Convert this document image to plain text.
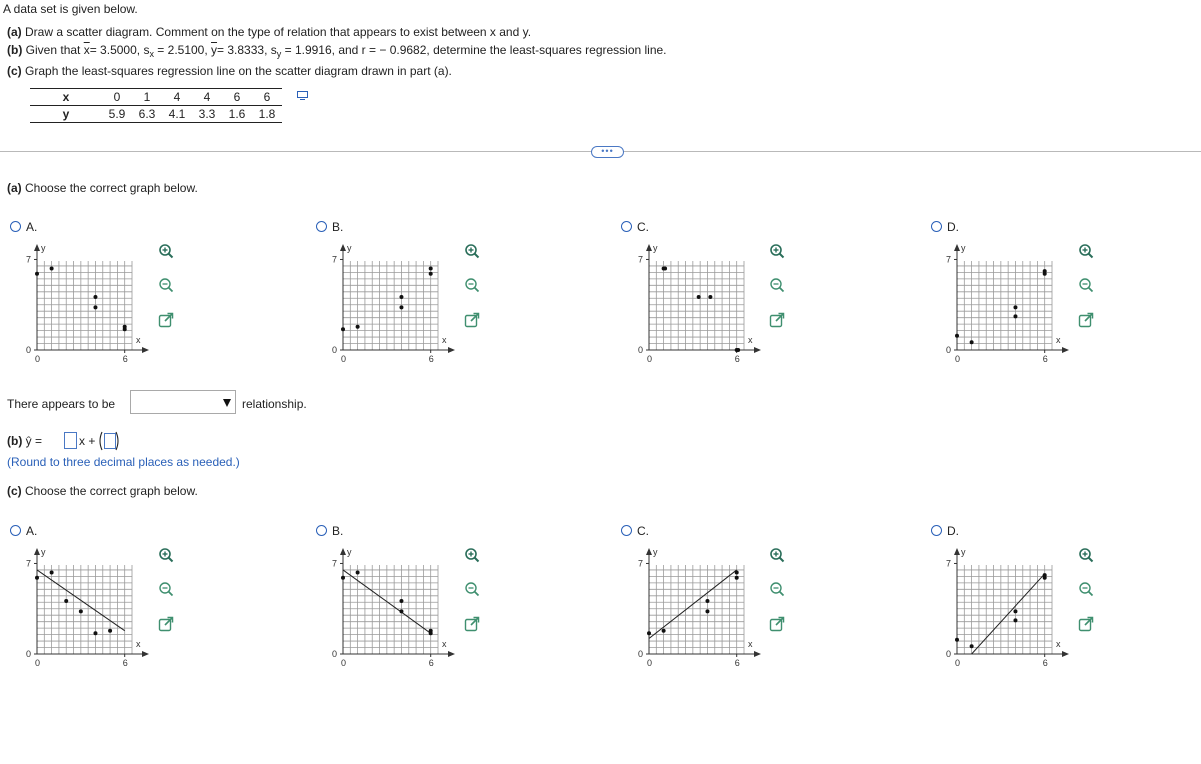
A data set is given below.
(a) Draw a scatter diagram. Comment on the type of relation that appears to exist between x and y.
(b) Given that $\overline{x}= 3.5000$, $s_x = 2.5100$, $\overline{y}= 3.8333$, $s_y = 1.9916$, and r = − 0.9682, determine the least-squares regression line.
(c) Graph the least-squares regression line on the scatter diagram drawn in part (a).
x	0	1	4	4	6	6
y	5.9	6.3	4.1	3.3	1.6	1.8
•••
(a) Choose the correct graph below.
A.	B.	C.	D.
y
x
7
0
0	6
y
x
7
0
0	6
y
x
7
0
0	6
y
x
7
0
0	6
There appears to be	relationship.
(b) ŷ =	x +
(Round to three decimal places as needed.)
(c) Choose the correct graph below.
A.	B.	C.	D.
y
x
7
0
0	6
y
x
7
0
0	6
y
x
7
0
0	6
y
x
7
0
0	6
